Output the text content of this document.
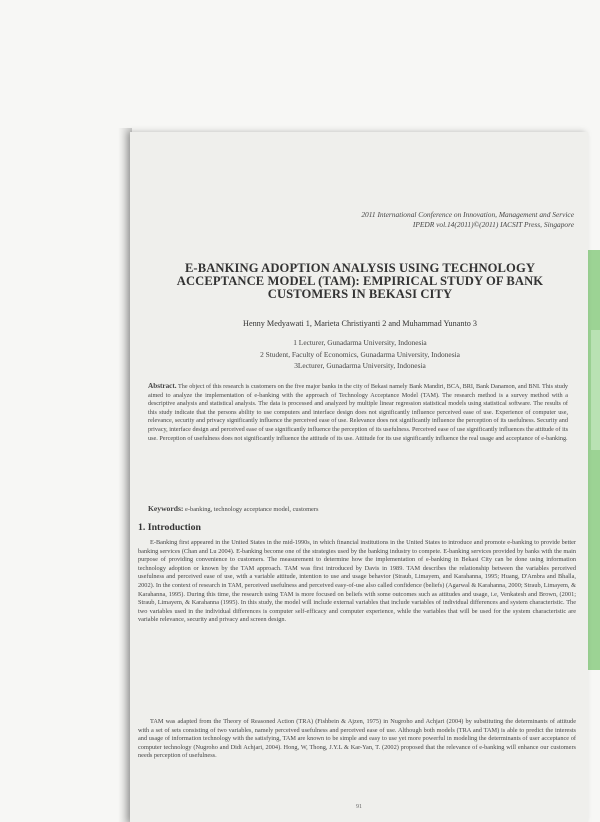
2011 International Conference on Innovation, Management and Service
IPEDR vol.14(2011)©(2011) IACSIT Press, Singapore
E-BANKING ADOPTION ANALYSIS USING TECHNOLOGY
ACCEPTANCE MODEL (TAM): EMPIRICAL STUDY OF BANK
CUSTOMERS IN BEKASI CITY
Henny Medyawati 1, Marieta Christiyanti 2 and Muhammad Yunanto 3
1 Lecturer, Gunadarma University, Indonesia
2 Student, Faculty of Economics, Gunadarma University, Indonesia
3Lecturer, Gunadarma University, Indonesia
Abstract. The object of this research is customers on the five major banks in the city of Bekasi namely Bank Mandiri, BCA, BRI, Bank Danamon, and BNI. This study aimed to analyze the implementation of e-banking with the approach of Technology Acceptance Model (TAM). The research method is a survey method with a descriptive analysis and statistical analysis. The data is processed and analyzed by multiple linear regression statistical models using statistical software. The results of this study indicate that the persons ability to use computers and interface design does not significantly influence perceived ease of use. Experience of computer use, relevance, security and privacy significantly influence the perceived ease of use. Relevance does not significantly influence the perception of its usefulness. Security and privacy, interface design and perceived ease of use significantly influence the perception of its usefulness. Perceived ease of use significantly influences the attitude of its use. Perception of usefulness does not significantly influence the attitude of its use. Attitude for its use significantly influence the real usage and acceptance of e-banking.
Keywords: e-banking, technology acceptance model, customers
1. Introduction
E-Banking first appeared in the United States in the mid-1990s, in which financial institutions in the United States to introduce and promote e-banking to provide better banking services (Chan and Lu 2004). E-banking become one of the strategies used by the banking industry to compete. E-banking services provided by banks with the main purpose of providing convenience to customers. The measurement to determine how the implementation of e-banking in Bekasi City can be done using information technology adoption or known by the TAM approach. TAM was first introduced by Davis in 1989. TAM describes the relationship between the variables perceived usefulness and perceived ease of use, with a variable attitude, intention to use and usage behavior (Straub, Limayem, and Karahanna, 1995; Huang, D'Ambra and Bhalla, 2002). In the context of research in TAM, perceived usefulness and perceived easy-of-use also called confidence (beliefs) (Agarwal & Karahanna, 2000; Straub, Limayem, & Karahanna, 1995). During this time, the research using TAM is more focused on beliefs with some outcomes such as attitudes and usage, i.e, Venkatesh and Brown, (2001; Straub, Limayem, & Karahanna (1995). In this study, the model will include external variables that include variables of individual differences and system characteristic. The two variables used in the individual differences is computer self-efficacy and computer experience, while the variables that will be used for the system characteristic are variable relevance, security and privacy and screen design.
TAM was adapted from the Theory of Reasoned Action (TRA) (Fishbein & Ajzen, 1975) in Nugroho and Achjari (2004) by substituting the determinants of attitude with a set of sets consisting of two variables, namely perceived usefulness and perceived ease of use. Although both models (TRA and TAM) is able to predict the interests and usage of information technology with the satisfying, TAM are known to be simple and easy to use yet more powerful in modeling the determinants of user acceptance of computer technology (Nugroho and Didi Achjari, 2004). Hong, W, Thong, J.Y.L & Kar-Yan, T. (2002) proposed that the relevance of e-banking will enhance our customers needs perception of usefulness.
91
